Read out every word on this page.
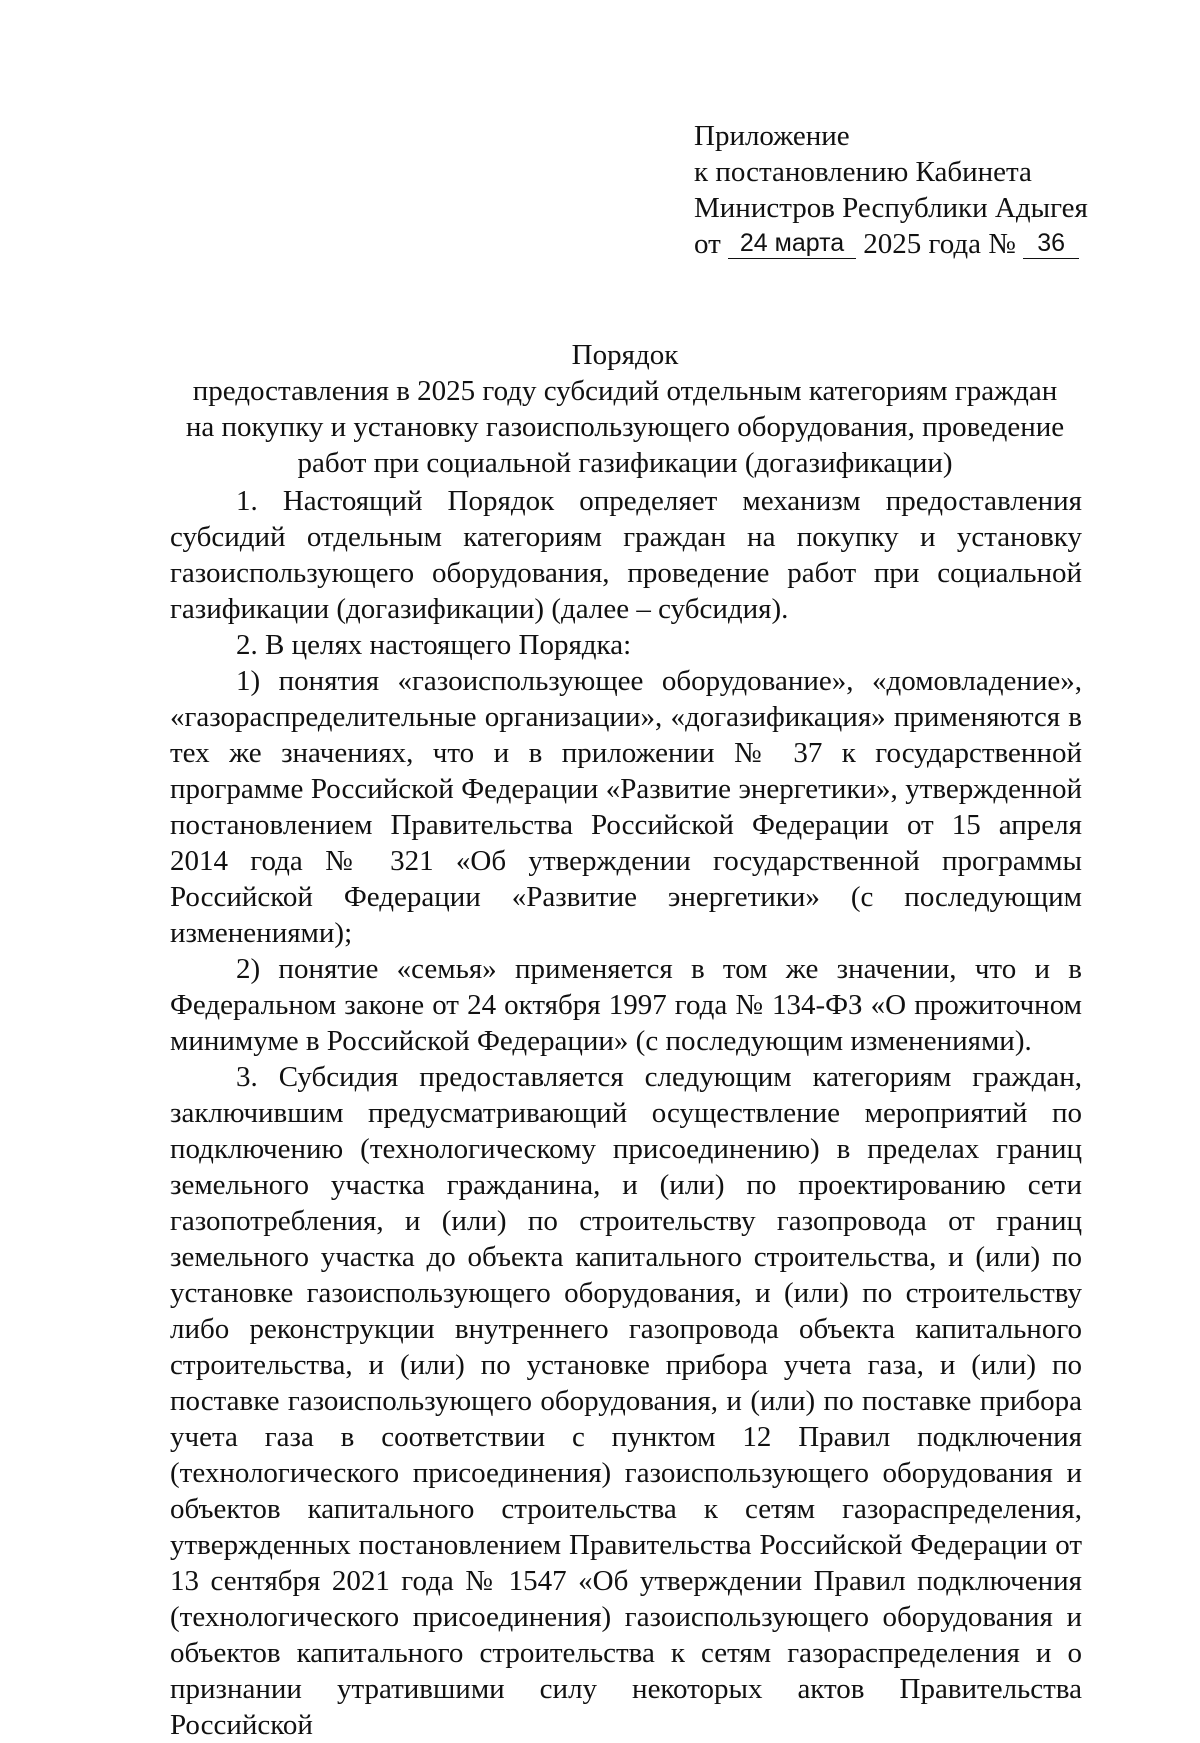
Приложение
к постановлению Кабинета
Министров Республики Адыгея
от 24 марта 2025 года № 36
Порядок
предоставления в 2025 году субсидий отдельным категориям граждан
на покупку и установку газоиспользующего оборудования, проведение
работ при социальной газификации (догазификации)

1. Настоящий Порядок определяет механизм предоставления субсидий отдельным категориям граждан на покупку и установку газоиспользующего оборудования, проведение работ при социальной газификации (догазификации) (далее – субсидия).

2. В целях настоящего Порядка:

1) понятия «газоиспользующее оборудование», «домовладение», «газораспределительные организации», «догазификация» применяются в тех же значениях, что и в приложении № 37 к государственной программе Российской Федерации «Развитие энергетики», утвержденной постановлением Правительства Российской Федерации от 15 апреля 2014 года № 321 «Об утверждении государственной программы Российской Федерации «Развитие энергетики» (с последующим изменениями);

2) понятие «семья» применяется в том же значении, что и в Федеральном законе от 24 октября 1997 года № 134-ФЗ «О прожиточном минимуме в Российской Федерации» (с последующим изменениями).

3. Субсидия предоставляется следующим категориям граждан, заключившим предусматривающий осуществление мероприятий по подключению (технологическому присоединению) в пределах границ земельного участка гражданина, и (или) по проектированию сети газопотребления, и (или) по строительству газопровода от границ земельного участка до объекта капитального строительства, и (или) по установке газоиспользующего оборудования, и (или) по строительству либо реконструкции внутреннего газопровода объекта капитального строительства, и (или) по установке прибора учета газа, и (или) по поставке газоиспользующего оборудования, и (или) по поставке прибора учета газа в соответствии с пунктом 12 Правил подключения (технологического присоединения) газоиспользующего оборудования и объектов капитального строительства к сетям газораспределения, утвержденных постановлением Правительства Российской Федерации от 13 сентября 2021 года № 1547 «Об утверждении Правил подключения (технологического присоединения) газоиспользующего оборудования и объектов капитального строительства к сетям газораспределения и о признании утратившими силу некоторых актов Правительства Российской
